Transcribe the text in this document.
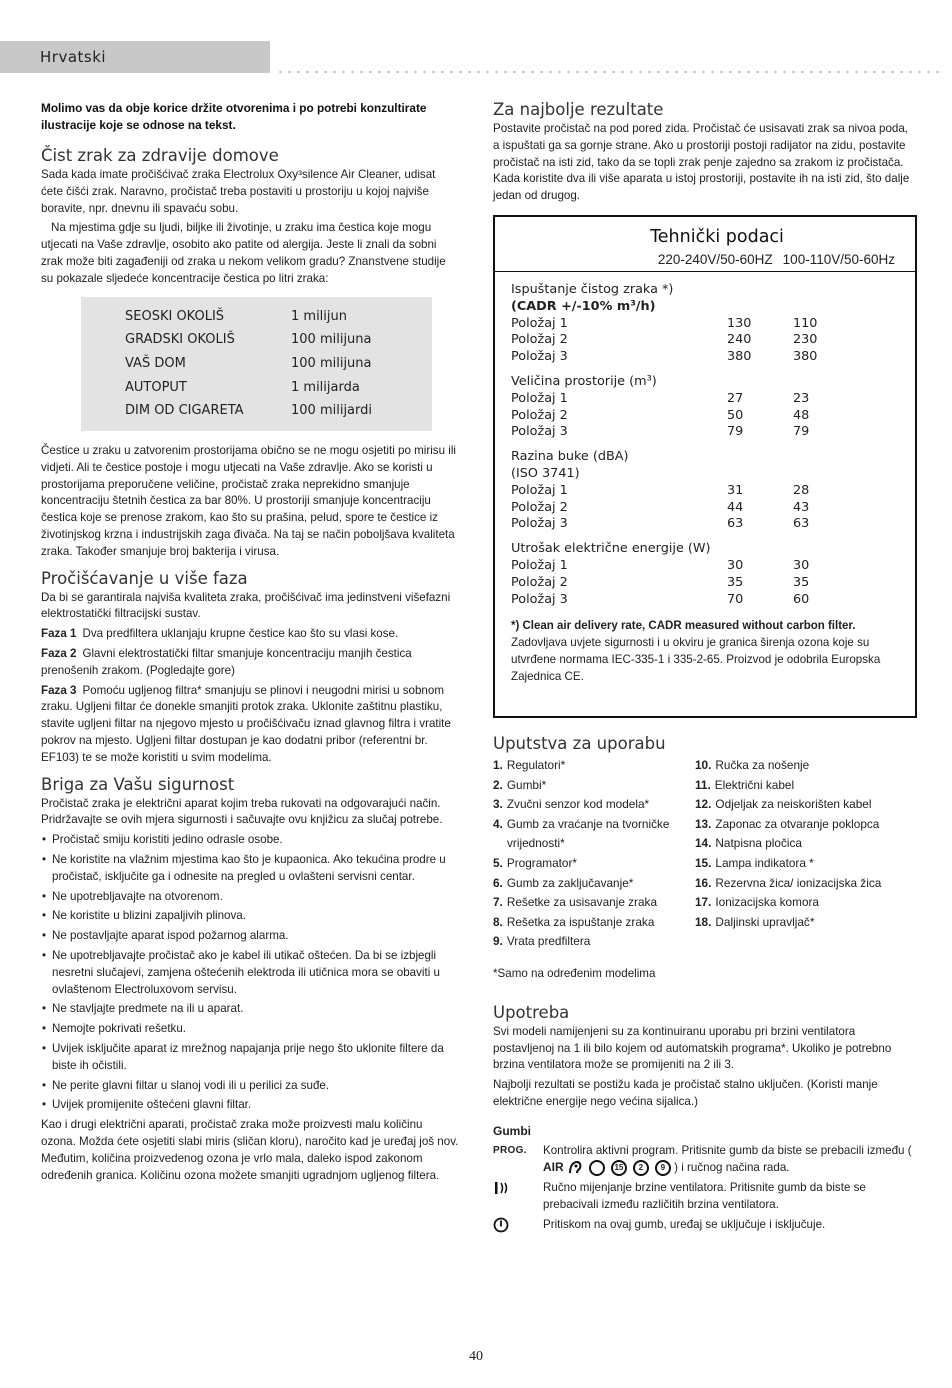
Hrvatski

Molimo vas da obje korice držite otvorenima i po potrebi konzultirate ilustracije koje se odnose na tekst.

Čist zrak za zdravije domove

Sada kada imate pročišćivač zraka Electrolux Oxy³silence Air Cleaner, udisat ćete čišći zrak. Naravno, pročistač treba postaviti u prostoriju u kojoj najviše boravite, npr. dnevnu ili spavaću sobu.

Na mjestima gdje su ljudi, biljke ili životinje, u zraku ima čestica koje mogu utjecati na Vaše zdravlje, osobito ako patite od alergija. Jeste li znali da sobni zrak može biti zagađeniji od zraka u nekom velikom gradu? Znanstvene studije su pokazale sljedeće koncentracije čestica po litri zraka:

SEOSKI OKOLIŠ	1 milijun
GRADSKI OKOLIŠ	100 milijuna
VAŠ DOM	100 milijuna
AUTOPUT	1 milijarda
DIM OD CIGARETA	100 milijardi

Čestice u zraku u zatvorenim prostorijama obično se ne mogu osjetiti po mirisu ili vidjeti. Ali te čestice postoje i mogu utjecati na Vaše zdravlje. Ako se koristi u prostorijama preporučene veličine, pročistač zraka neprekidno smanjuje koncentraciju štetnih čestica za bar 80%. U prostoriji smanjuje koncentraciju čestica koje se prenose zrakom, kao što su prašina, pelud, spore te čestice iz životinjskog krzna i industrijskih zaga đivača. Na taj se način poboljšava kvaliteta zraka. Također smanjuje broj bakterija i virusa.

Pročišćavanje u više faza

Da bi se garantirala najviša kvaliteta zraka, pročišćivač ima jedinstveni višefazni elektrostatički filtracijski sustav.

Faza 1 Dva predfiltera uklanjaju krupne čestice kao što su vlasi kose.

Faza 2 Glavni elektrostatički filtar smanjuje koncentraciju manjih čestica prenošenih zrakom. (Pogledajte gore)

Faza 3 Pomoću ugljenog filtra* smanjuju se plinovi i neugodni mirisi u sobnom zraku. Ugljeni filtar će donekle smanjiti protok zraka. Uklonite zaštitnu plastiku, stavite ugljeni filtar na njegovo mjesto u pročišćivaču iznad glavnog filtra i vratite pokrov na mjesto. Ugljeni filtar dostupan je kao dodatni pribor (referentni br. EF103) te se može koristiti u svim modelima.

Briga za Vašu sigurnost

Pročistač zraka je električni aparat kojim treba rukovati na odgovarajući način. Pridržavajte se ovih mjera sigurnosti i sačuvajte ovu knjižicu za slučaj potrebe.

• Pročistač smiju koristiti jedino odrasle osobe.
• Ne koristite na vlažnim mjestima kao što je kupaonica. Ako tekućina prodre u pročistač, isključite ga i odnesite na pregled u ovlašteni servisni centar.
• Ne upotrebljavajte na otvorenom.
• Ne koristite u blizini zapaljivih plinova.
• Ne postavljajte aparat ispod požarnog alarma.
• Ne upotrebljavajte pročistač ako je kabel ili utikač oštećen. Da bi se izbjegli nesretni slučajevi, zamjena oštećenih elektroda ili utičnica mora se obaviti u ovlaštenom Electroluxovom servisu.
• Ne stavljajte predmete na ili u aparat.
• Nemojte pokrivati rešetku.
• Uvijek isključite aparat iz mrežnog napajanja prije nego što uklonite filtere da biste ih očistili.
• Ne perite glavni filtar u slanoj vodi ili u perilici za suđe.
• Uvijek promijenite oštećeni glavni filtar.

Kao i drugi električni aparati, pročistač zraka može proizvesti malu količinu ozona. Možda ćete osjetiti slabi miris (sličan kloru), naročito kad je uređaj još nov. Međutim, količina proizvedenog ozona je vrlo mala, daleko ispod zakonom određenih granica. Količinu ozona možete smanjiti ugradnjom ugljenog filtera.

Za najbolje rezultate

Postavite pročistač na pod pored zida. Pročistač će usisavati zrak sa nivoa poda, a ispuštati ga sa gornje strane. Ako u prostoriji postoji radijator na zidu, postavite pročistač na isti zid, tako da se topli zrak penje zajedno sa zrakom iz pročistača. Kada koristite dva ili više aparata u istoj prostoriji, postavite ih na isti zid, što dalje jedan od drugog.

Tehnički podaci
220-240V/50-60HZ 100-110V/50-60Hz
Ispuštanje čistog zraka *)
(CADR +/-10% m³/h)
Položaj 1	130	110
Položaj 2	240	230
Položaj 3	380	380
Veličina prostorije (m³)
Položaj 1	27	23
Položaj 2	50	48
Položaj 3	79	79
Razina buke (dBA)
(ISO 3741)
Položaj 1	31	28
Položaj 2	44	43
Položaj 3	63	63
Utrošak električne energije (W)
Položaj 1	30	30
Položaj 2	35	35
Položaj 3	70	60
*) Clean air delivery rate, CADR measured without carbon filter.
Zadovljava uvjete sigurnosti i u okviru je granica širenja ozona koje su utvrđene normama IEC-335-1 i 335-2-65. Proizvod je odobrila Europska Zajednica CE.
Uputstva za uporabu
1. Regulatori*
2. Gumbi*
3. Zvučni senzor kod modela*
4. Gumb za vraćanje na tvorničke vrijednosti*
5. Programator*
6. Gumb za zaključavanje*
7. Rešetke za usisavanje zraka
8. Rešetka za ispuštanje zraka
9. Vrata predfiltera
10. Ručka za nošenje
11. Električni kabel
12. Odjeljak za neiskorišten kabel
13. Zaponac za otvaranje poklopca
14. Natpisna pločica
15. Lampa indikatora *
16. Rezervna žica/ ionizacijska žica
17. Ionizacijska komora
18. Daljinski upravljač*

*Samo na određenim modelima

Upotreba

Svi modeli namijenjeni su za kontinuiranu uporabu pri brzini ventilatora postavljenoj na 1 ili bilo kojem od automatskih programa*. Ukoliko je potrebno brzina ventilatora može se promijeniti na 2 ili 3.

Najbolji rezultati se postižu kada je pročistač stalno uključen. (Koristi manje električne energije nego većina sijalica.)

Gumbi
PROG.	Kontrolira aktivni program. Pritisnite gumb da biste se prebacili između ( AIR	15	2	9 ) i ručnog načina rada.
Ručno mijenjanje brzine ventilatora. Pritisnite gumb da biste se prebacivali između različitih brzina ventilatora.
Pritiskom na ovaj gumb, uređaj se uključuje i isključuje.
40
